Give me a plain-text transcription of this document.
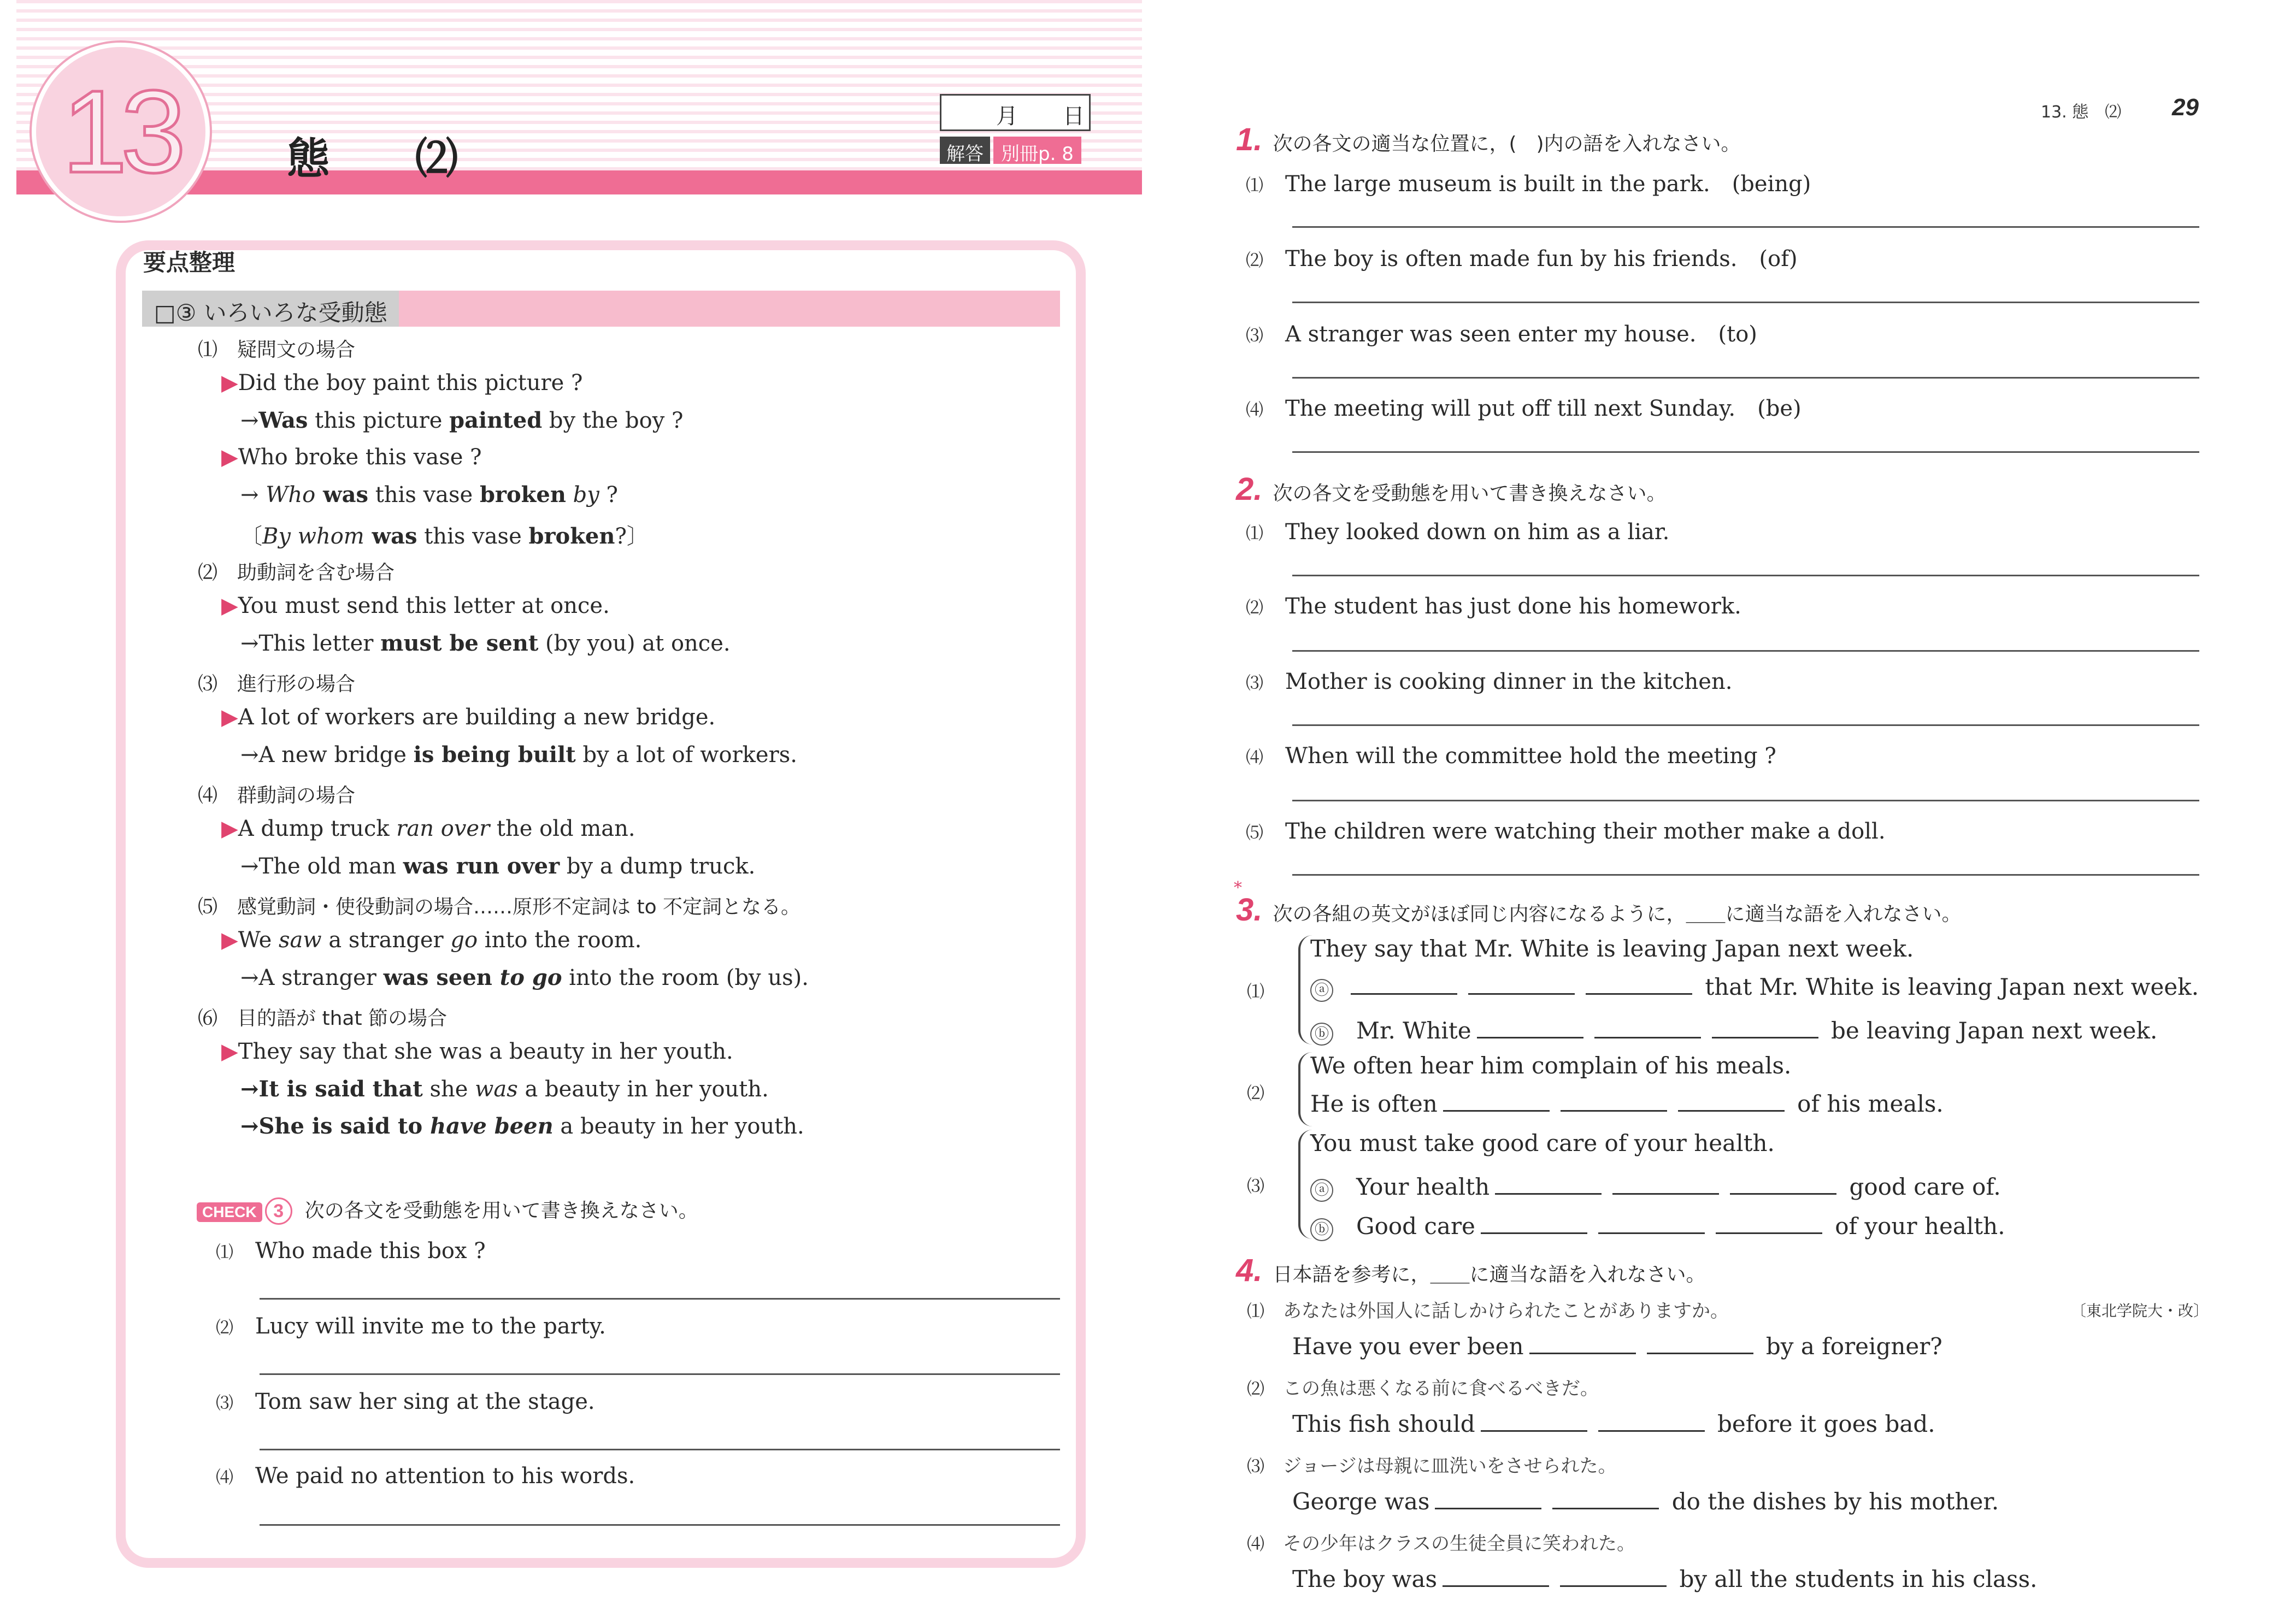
13	態 ⑵
月 日
解答 別冊p. 8
要点整理
□③ いろいろな受動態
⑴　 疑問文の場合
▶Did the boy paint this picture ?
→Was this picture painted by the boy ?
▶Who broke this vase ?
→ Who was this vase broken by ?
〔By whom was this vase broken?〕
⑵　 助動詞を含む場合
▶You must send this letter at once.
→This letter must be sent (by you) at once.
⑶　 進行形の場合
▶A lot of workers are building a new bridge.
→A new bridge is being built by a lot of workers.
⑷　 群動詞の場合
▶A dump truck ran over the old man.
→The old man was run over by a dump truck.
⑸　 感覚動詞・使役動詞の場合……原形不定詞は to 不定詞となる。
▶We saw a stranger go into the room.
→A stranger was seen to go into the room (by us).
⑹　 目的語が that 節の場合
▶They say that she was a beauty in her youth.
→It is said that she was a beauty in her youth.
→She is said to have been a beauty in her youth.
CHECK 3 次の各文を受動態を用いて書き換えなさい。
⑴　 Who made this box ?
⑵　 Lucy will invite me to the party.
⑶　 Tom saw her sing at the stage.
⑷　 We paid no attention to his words.
13. 態　⑵ 29
1. 次の各文の適当な位置に，(　)内の語を入れなさい。
⑴　 The large museum is built in the park.　 (being)
⑵　 The boy is often made fun by his friends.　 (of)
⑶　 A stranger was seen enter my house.　 (to)
⑷　 The meeting will put off till next Sunday.　 (be)
2. 次の各文を受動態を用いて書き換えなさい。
⑴　 They looked down on him as a liar.
⑵　 The student has just done his homework.
⑶　 Mother is cooking dinner in the kitchen.
⑷　 When will the committee hold the meeting ?
⑸　 The children were watching their mother make a doll.
*
3. 次の各組の英文がほぼ同じ内容になるように，＿＿に適当な語を入れなさい。
⑴
They say that Mr. White is leaving Japan next week.
ⓐ	that Mr. White is leaving Japan next week.
ⓑ　 Mr. White	be leaving Japan next week.
⑵
We often hear him complain of his meals.
He is often	of his meals.
⑶
You must take good care of your health.
ⓐ　 Your health	good care of.
ⓑ　 Good care	of your health.
4. 日本語を参考に，＿＿に適当な語を入れなさい。
〔東北学院大・改〕
⑴　 あなたは外国人に話しかけられたことがありますか。
Have you ever been	by a foreigner?
⑵　 この魚は悪くなる前に食べるべきだ。
This fish should	before it goes bad.
⑶　 ジョージは母親に皿洗いをさせられた。
George was	do the dishes by his mother.
⑷　 その少年はクラスの生徒全員に笑われた。
The boy was	by all the students in his class.
